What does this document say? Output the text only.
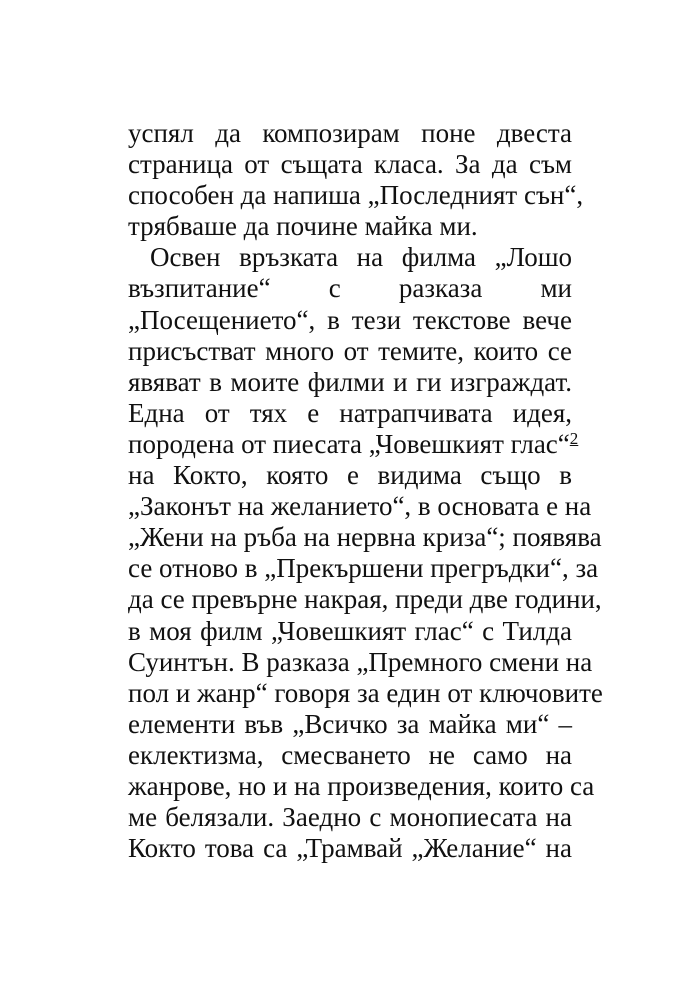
успял да композирам поне двеста
страница от същата класа. За да съм
способен да напиша „Последният сън“,
трябваше да почине майка ми.
Освен връзката на филма „Лошо
възпитание“ с разказа ми
„Посещението“, в тези текстове вече
присъстват много от темите, които се
явяват в моите филми и ги изграждат.
Една от тях е натрапчивата идея,
породена от пиесата „Човешкият глас“$^2$
на Кокто, която е видима също в
„Законът на желанието“, в основата е на
„Жени на ръба на нервна криза“; появява
се отново в „Прекършени прегръдки“, за
да се превърне накрая, преди две години,
в моя филм „Човешкият глас“ с Тилда
Суинтън. В разказа „Премного смени на
пол и жанр“ говоря за един от ключовите
елементи във „Всичко за майка ми“ –
еклектизма, смесването не само на
жанрове, но и на произведения, които са
ме белязали. Заедно с монопиесата на
Кокто това са „Трамвай „Желание“ на
